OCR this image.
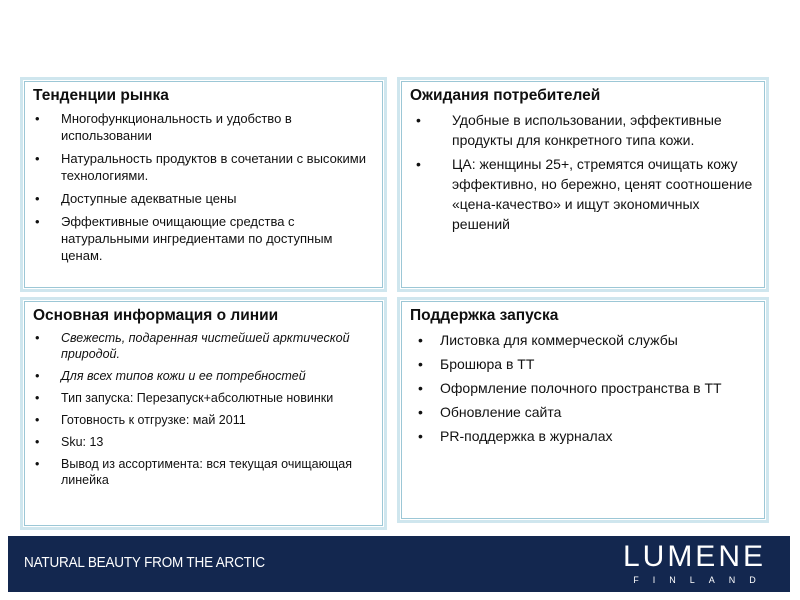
Тенденции рынка
• Многофункциональность и удобство в использовании
• Натуральность продуктов в сочетании с высокими технологиями.
• Доступные адекватные цены
• Эффективные очищающие средства с натуральными ингредиентами по доступным ценам.
Ожидания потребителей
• Удобные в использовании, эффективные продукты для конкретного типа кожи.
• ЦА: женщины 25+, стремятся очищать кожу эффективно, но бережно, ценят соотношение «цена-качество» и ищут экономичных решений
Основная информация о линии
• Свежесть, подаренная чистейшей арктической природой.
• Для всех типов кожи и ее потребностей
• Тип запуска: Перезапуск+абсолютные новинки
• Готовность к отгрузке: май 2011
• Sku: 13
• Вывод из ассортимента: вся текущая очищающая линейка
Поддержка запуска
• Листовка для коммерческой службы
• Брошюра в ТТ
• Оформление полочного пространства в ТТ
• Обновление сайта
• PR-поддержка в журналах
NATURAL BEAUTY FROM THE ARCTIC	LUMENE
FINLAND
